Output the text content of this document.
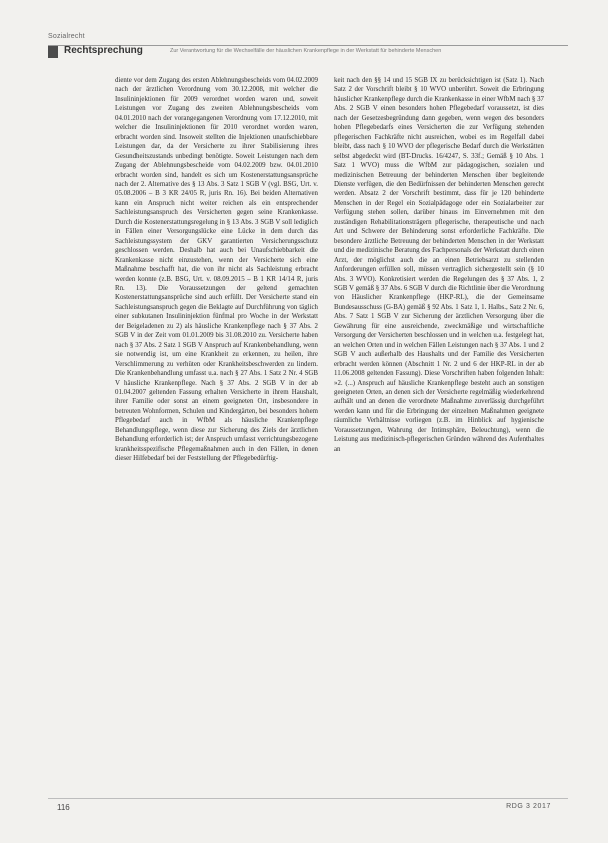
Sozialrecht
Rechtsprechung	Zur Verantwortung für die Wechselfälle der häuslichen Krankenpflege in der Werkstatt für behinderte Menschen

diente vor dem Zugang des ersten Ablehnungsbescheids vom 04.02.2009 nach der ärztlichen Verordnung vom 30.12.2008, mit welcher die Insulininjektionen für 2009 verordnet worden waren und, soweit Leistungen vor Zugang des zweiten Ablehnungsbescheids vom 04.01.2010 nach der vorangegangenen Verordnung vom 17.12.2010, mit welcher die Insulininjektionen für 2010 verordnet worden waren, erbracht worden sind. Insoweit stellten die Injektionen unaufschiebbare Leistungen dar, da der Versicherte zu ihrer Stabilisierung ihres Gesundheitszustands unbedingt benötigte. Soweit Leistungen nach dem Zugang der Ablehnungsbescheide vom 04.02.2009 bzw. 04.01.2010 erbracht worden sind, handelt es sich um Kostenerstattungsansprüche nach der 2. Alternative des § 13 Abs. 3 Satz 1 SGB V (vgl. BSG, Urt. v. 05.08.2006 – B 3 KR 24/05 R, juris Rn. 16). Bei beiden Alternativen kann ein Anspruch nicht weiter reichen als ein entsprechender Sachleistungsanspruch des Versicherten gegen seine Krankenkasse. Durch die Kostenerstattungsregelung in § 13 Abs. 3 SGB V soll lediglich in Fällen einer Versorgungslücke eine Lücke in dem durch das Sachleistungssystem der GKV garantierten Versicherungsschutz geschlossen werden. Deshalb hat auch bei Unaufschiebbarkeit die Krankenkasse nicht einzustehen, wenn der Versicherte sich eine Maßnahme beschafft hat, die von ihr nicht als Sachleistung erbracht werden konnte (z.B. BSG, Urt. v. 08.09.2015 – B 1 KR 14/14 R, juris Rn. 13). Die Voraussetzungen der geltend gemachten Kostenerstattungsansprüche sind auch erfüllt. Der Versicherte stand ein Sachleistungsanspruch gegen die Beklagte auf Durchführung von täglich einer subkutanen Insulininjektion fünfmal pro Woche in der Werkstatt der Beigeladenen zu 2) als häusliche Krankenpflege nach § 37 Abs. 2 SGB V in der Zeit vom 01.01.2009 bis 31.08.2010 zu. Versicherte haben nach § 37 Abs. 2 Satz 1 SGB V Anspruch auf Krankenbehandlung, wenn sie notwendig ist, um eine Krankheit zu erkennen, zu heilen, ihre Verschlimmerung zu verhüten oder Krankheitsbeschwerden zu lindern. Die Krankenbehandlung umfasst u.a. nach § 27 Abs. 1 Satz 2 Nr. 4 SGB V häusliche Krankenpflege. Nach § 37 Abs. 2 SGB V in der ab 01.04.2007 geltenden Fassung erhalten Versicherte in ihrem Haushalt, ihrer Familie oder sonst an einem geeigneten Ort, insbesondere in betreuten Wohnformen, Schulen und Kindergärten, bei besonders hohem Pflegebedarf auch in WfbM als häusliche Krankenpflege Behandlungspflege, wenn diese zur Sicherung des Ziels der ärztlichen Behandlung erforderlich ist; der Anspruch umfasst verrichtungsbezogene krankheitsspezifische Pflegemaßnahmen auch in den Fällen, in denen dieser Hilfebedarf bei der Feststellung der Pflegebedürftig-

keit nach den §§ 14 und 15 SGB IX zu berücksichtigen ist (Satz 1). Nach Satz 2 der Vorschrift bleibt § 10 WVO unberührt. Soweit die Erbringung häuslicher Krankenpflege durch die Krankenkasse in einer WfbM nach § 37 Abs. 2 SGB V einen besonders hohen Pflegebedarf voraussetzt, ist dies nach der Gesetzesbegründung dann gegeben, wenn wegen des besonders hohen Pflegebedarfs eines Versicherten die zur Verfügung stehenden pflegerischen Fachkräfte nicht ausreichen, wobei es im Regelfall dabei bleibt, dass nach § 10 WVO der pflegerische Bedarf durch die Werkstätten selbst abgedeckt wird (BT-Drucks. 16/4247, S. 33f.; Gemäß § 10 Abs. 1 Satz 1 WVO) muss die WfbM zur pädagogischen, sozialen und medizinischen Betreuung der behinderten Menschen über begleitende Dienste verfügen, die den Bedürfnissen der behinderten Menschen gerecht werden. Absatz 2 der Vorschrift bestimmt, dass für je 120 behinderte Menschen in der Regel ein Sozialpädagoge oder ein Sozialarbeiter zur Verfügung stehen sollen, darüber hinaus im Einvernehmen mit den zuständigen Rehabilitationsträgern pflegerische, therapeutische und nach Art und Schwere der Behinderung sonst erforderliche Fachkräfte. Die besondere ärztliche Betreuung der behinderten Menschen in der Werkstatt und die medizinische Beratung des Fachpersonals der Werkstatt durch einen Arzt, der möglichst auch die an einen Betriebsarzt zu stellenden Anforderungen erfüllen soll, müssen vertraglich sichergestellt sein (§ 10 Abs. 3 WVO). Konkretisiert werden die Regelungen des § 37 Abs. 1, 2 SGB V gemäß § 37 Abs. 6 SGB V durch die Richtlinie über die Verordnung von Häuslicher Krankenpflege (HKP-RL), die der Gemeinsame Bundesausschuss (G-BA) gemäß § 92 Abs. 1 Satz 1, 1. Halbs., Satz 2 Nr. 6, Abs. 7 Satz 1 SGB V zur Sicherung der ärztlichen Versorgung über die Gewährung für eine ausreichende, zweckmäßige und wirtschaftliche Versorgung der Versicherten beschlossen und in welchen u.a. festgelegt hat, an welchen Orten und in welchen Fällen Leistungen nach § 37 Abs. 1 und 2 SGB V auch außerhalb des Haushalts und der Familie des Versicherten erbracht werden können (Abschnitt 1 Nr. 2 und 6 der HKP-RL in der ab 11.06.2008 geltenden Fassung). Diese Vorschriften haben folgenden Inhalt: »2. (...) Anspruch auf häusliche Krankenpflege besteht auch an sonstigen geeigneten Orten, an denen sich der Versicherte regelmäßig wiederkehrend aufhält und an denen die verordnete Maßnahme zuverlässig durchgeführt werden kann und für die Erbringung der einzelnen Maßnahmen geeignete räumliche Verhältnisse vorliegen (z.B. im Hinblick auf hygienische Voraussetzungen, Wahrung der Intimsphäre, Beleuchtung), wenn die Leistung aus medizinisch-pflegerischen Gründen während des Aufenthaltes an

116	RDG 3 2017
